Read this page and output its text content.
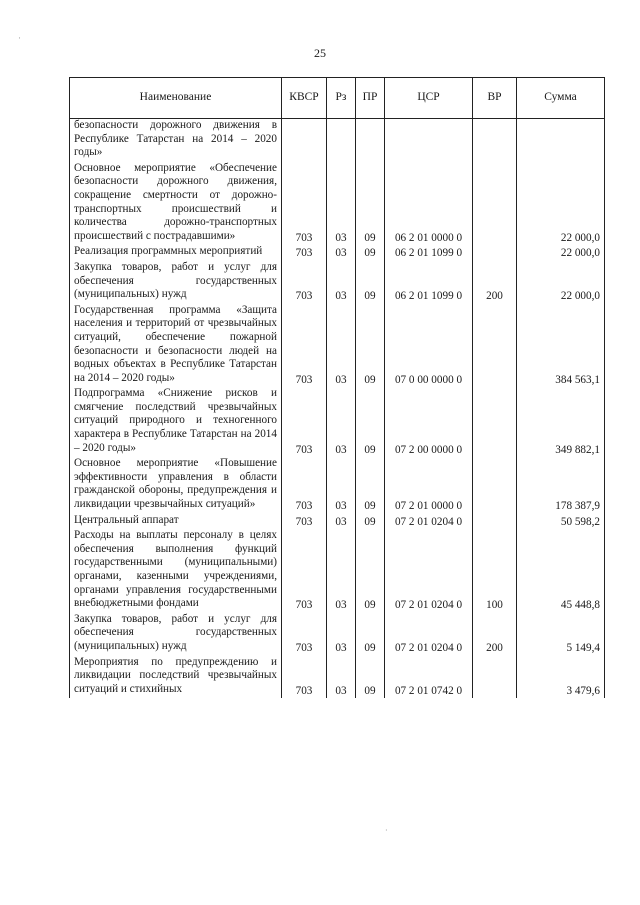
25
Наименование	КВСР	Рз	ПР	ЦСР	ВР	Сумма
безопасности дорожного движения в Республике Татарстан на 2014 – 2020 годы»						
Основное мероприятие «Обеспечение безопасности дорожного движения, сокращение смертности от дорожно-транспортных происшествий и количества дорожно-транспортных происшествий с пострадавшими»	703	03	09	06 2 01 0000 0		22 000,0
Реализация программных мероприятий	703	03	09	06 2 01 1099 0		22 000,0
Закупка товаров, работ и услуг для обеспечения государственных (муниципальных) нужд	703	03	09	06 2 01 1099 0	200	22 000,0
Государственная программа «Защита населения и территорий от чрезвычайных ситуаций, обеспечение пожарной безопасности и безопасности людей на водных объектах в Республике Татарстан на 2014 – 2020 годы»	703	03	09	07 0 00 0000 0		384 563,1
Подпрограмма «Снижение рисков и смягчение последствий чрезвычайных ситуаций природного и техногенного характера в Республике Татарстан на 2014 – 2020 годы»	703	03	09	07 2 00 0000 0		349 882,1
Основное мероприятие «Повышение эффективности управления в области гражданской обороны, предупреждения и ликвидации чрезвычайных ситуаций»	703	03	09	07 2 01 0000 0		178 387,9
Центральный аппарат	703	03	09	07 2 01 0204 0		50 598,2
Расходы на выплаты персоналу в целях обеспечения выполнения функций государственными (муниципальными) органами, казенными учреждениями, органами управления государственными внебюджетными фондами	703	03	09	07 2 01 0204 0	100	45 448,8
Закупка товаров, работ и услуг для обеспечения государственных (муниципальных) нужд	703	03	09	07 2 01 0204 0	200	5 149,4
Мероприятия по предупреждению и ликвидации последствий чрезвычайных ситуаций и стихийных	703	03	09	07 2 01 0742 0		3 479,6
·
·
